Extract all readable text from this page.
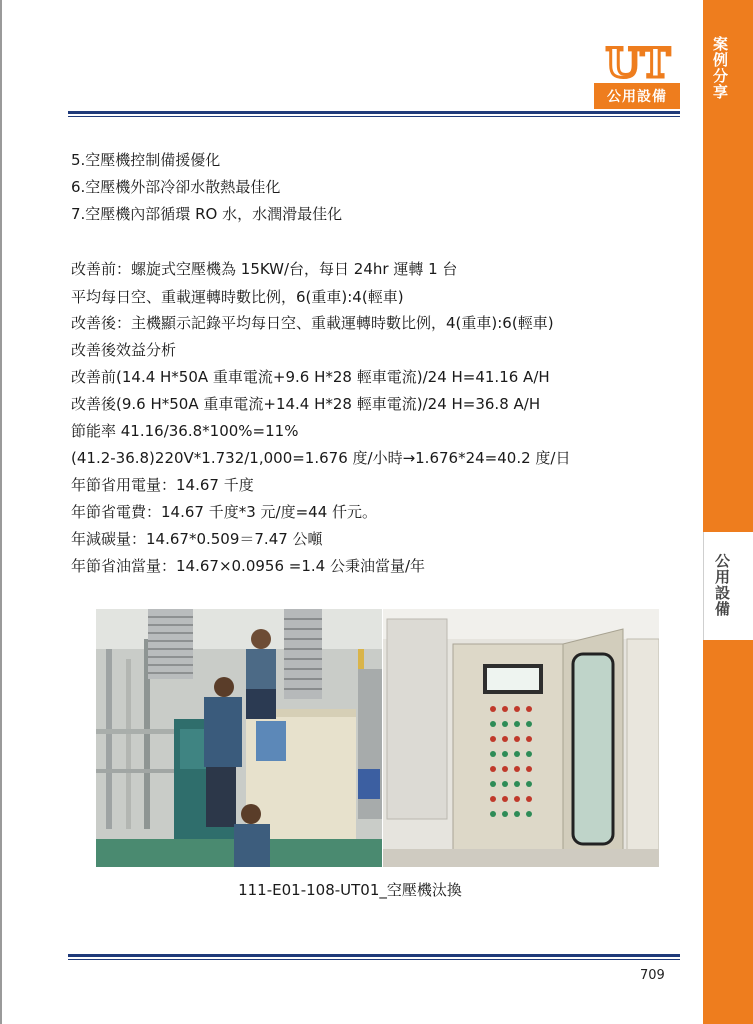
案例分享
公用設備
UT
公用設備
5.空壓機控制備援優化
6.空壓機外部冷卻水散熱最佳化
7.空壓機內部循環 RO 水，水潤滑最佳化
改善前：螺旋式空壓機為 15KW/台，每日 24hr 運轉 1 台
平均每日空、重載運轉時數比例，6(重車):4(輕車)
改善後：主機顯示記錄平均每日空、重載運轉時數比例，4(重車):6(輕車)
改善後效益分析
改善前(14.4 H*50A 重車電流+9.6 H*28 輕車電流)/24 H=41.16 A/H
改善後(9.6 H*50A 重車電流+14.4 H*28 輕車電流)/24 H=36.8 A/H
節能率 41.16/36.8*100%=11%
(41.2-36.8)220V*1.732/1,000=1.676 度/小時→1.676*24=40.2 度/日
年節省用電量：14.67 千度
年節省電費：14.67 千度*3 元/度=44 仟元。
年減碳量：14.67*0.509＝7.47 公噸
年節省油當量：14.67×0.0956 =1.4 公秉油當量/年
111-E01-108-UT01_空壓機汰換
709
